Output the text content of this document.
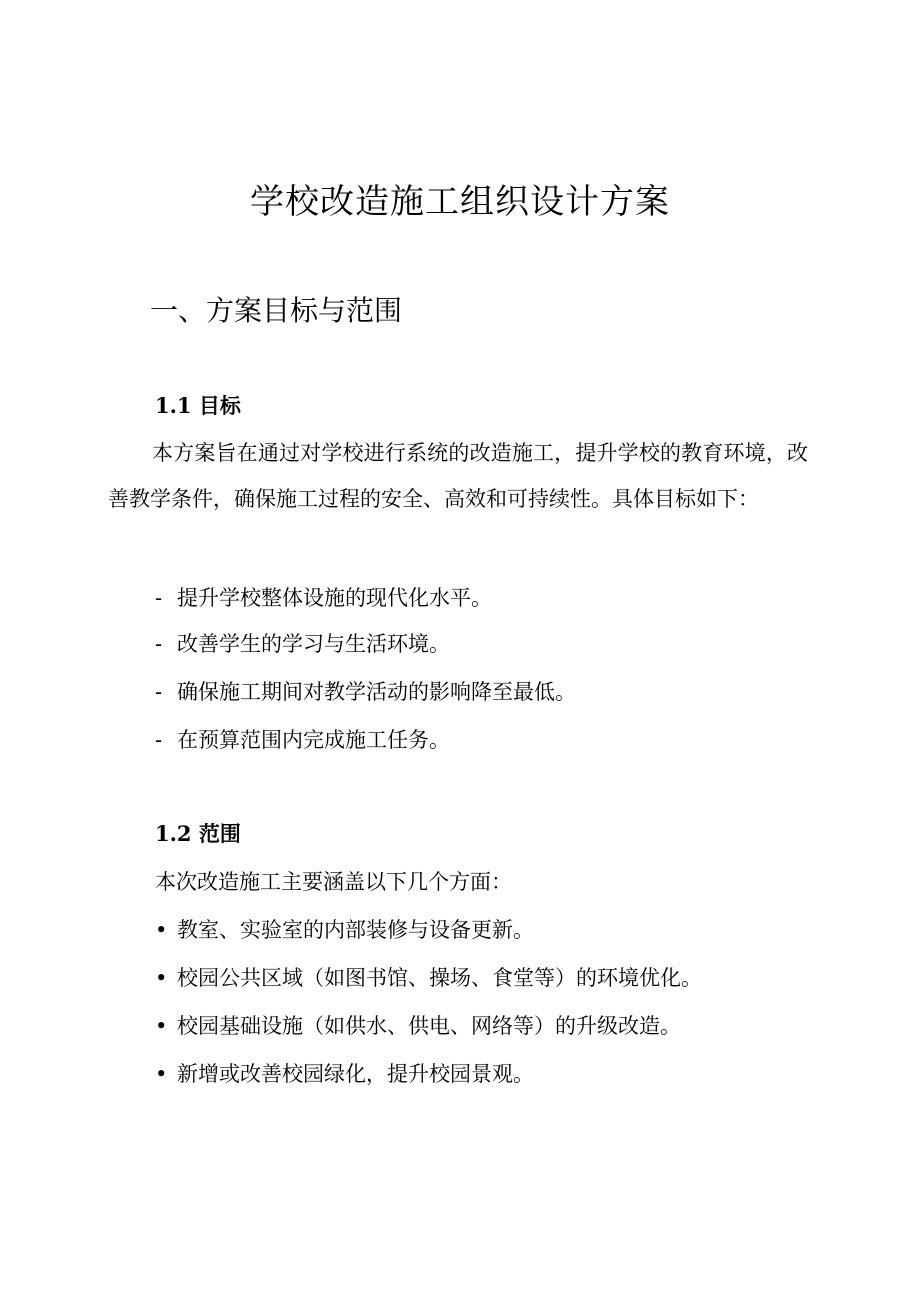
学校改造施工组织设计方案
一、方案目标与范围
1.1 目标

本方案旨在通过对学校进行系统的改造施工，提升学校的教育环境，改善教学条件，确保施工过程的安全、高效和可持续性。具体目标如下：

- 提升学校整体设施的现代化水平。
- 改善学生的学习与生活环境。
- 确保施工期间对教学活动的影响降至最低。
- 在预算范围内完成施工任务。
1.2 范围

本次改造施工主要涵盖以下几个方面：

• 教室、实验室的内部装修与设备更新。
• 校园公共区域（如图书馆、操场、食堂等）的环境优化。
• 校园基础设施（如供水、供电、网络等）的升级改造。
• 新增或改善校园绿化，提升校园景观。
